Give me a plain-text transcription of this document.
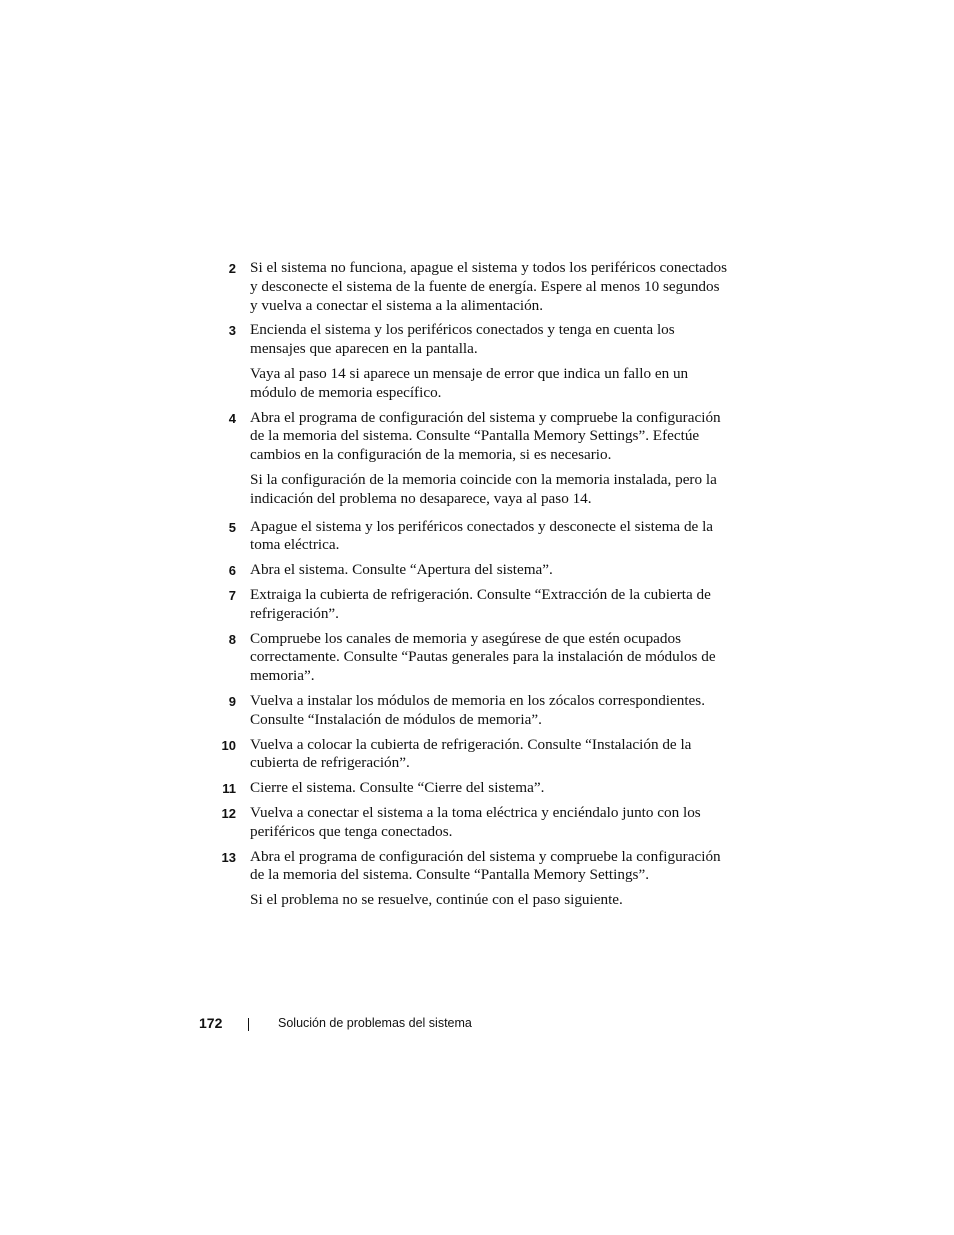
2 Si el sistema no funciona, apague el sistema y todos los periféricos conectados y desconecte el sistema de la fuente de energía. Espere al menos 10 segundos y vuelva a conectar el sistema a la alimentación.

3 Encienda el sistema y los periféricos conectados y tenga en cuenta los mensajes que aparecen en la pantalla.

Vaya al paso 14 si aparece un mensaje de error que indica un fallo en un módulo de memoria específico.

4 Abra el programa de configuración del sistema y compruebe la configuración de la memoria del sistema. Consulte “Pantalla Memory Settings”. Efectúe cambios en la configuración de la memoria, si es necesario.

Si la configuración de la memoria coincide con la memoria instalada, pero la indicación del problema no desaparece, vaya al paso 14.

5 Apague el sistema y los periféricos conectados y desconecte el sistema de la toma eléctrica.

6 Abra el sistema. Consulte “Apertura del sistema”.

7 Extraiga la cubierta de refrigeración. Consulte “Extracción de la cubierta de refrigeración”.

8 Compruebe los canales de memoria y asegúrese de que estén ocupados correctamente. Consulte “Pautas generales para la instalación de módulos de memoria”.

9 Vuelva a instalar los módulos de memoria en los zócalos correspondientes. Consulte “Instalación de módulos de memoria”.

10 Vuelva a colocar la cubierta de refrigeración. Consulte “Instalación de la cubierta de refrigeración”.

11 Cierre el sistema. Consulte “Cierre del sistema”.

12 Vuelva a conectar el sistema a la toma eléctrica y enciéndalo junto con los periféricos que tenga conectados.

13 Abra el programa de configuración del sistema y compruebe la configuración de la memoria del sistema. Consulte “Pantalla Memory Settings”.

Si el problema no se resuelve, continúe con el paso siguiente.

172	Solución de problemas del sistema
